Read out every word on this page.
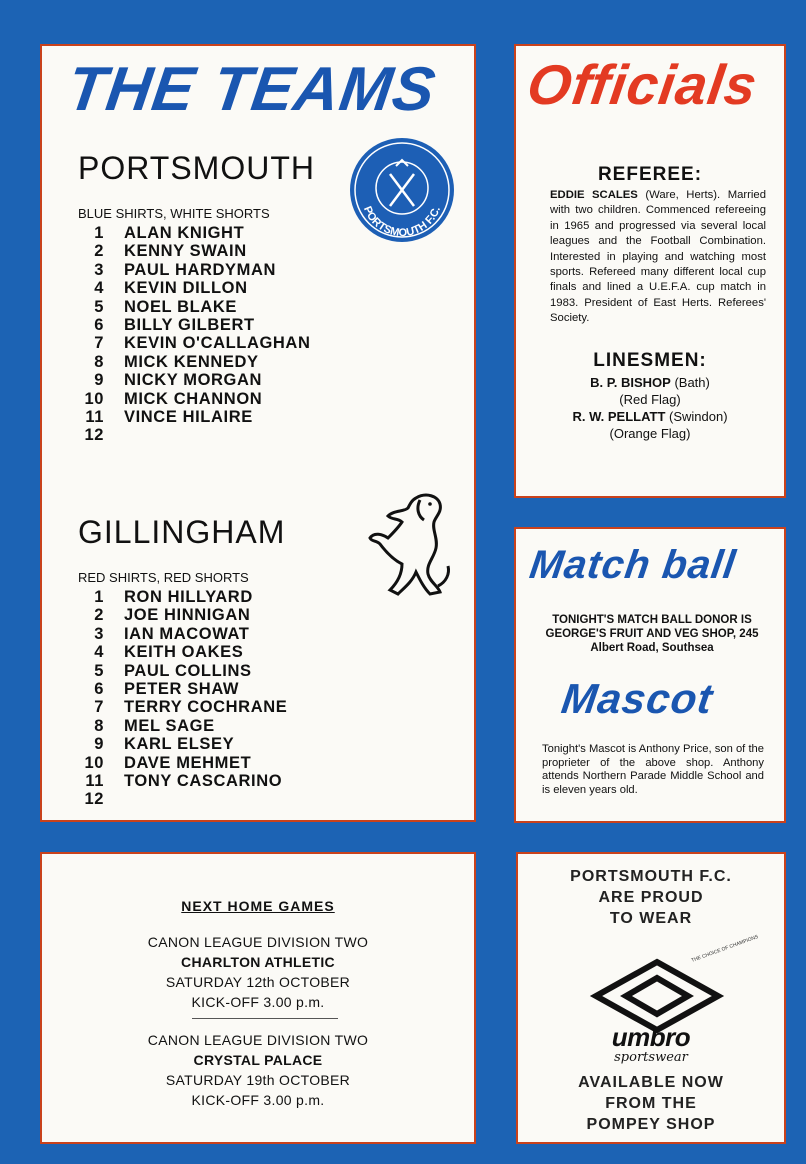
THE TEAMS
PORTSMOUTH
BLUE SHIRTS, WHITE SHORTS
1 ALAN KNIGHT
2 KENNY SWAIN
3 PAUL HARDYMAN
4 KEVIN DILLON
5 NOEL BLAKE
6 BILLY GILBERT
7 KEVIN O'CALLAGHAN
8 MICK KENNEDY
9 NICKY MORGAN
10 MICK CHANNON
11 VINCE HILAIRE
12
PORTSMOUTH F.C.
GILLINGHAM
RED SHIRTS, RED SHORTS
1 RON HILLYARD
2 JOE HINNIGAN
3 IAN MACOWAT
4 KEITH OAKES
5 PAUL COLLINS
6 PETER SHAW
7 TERRY COCHRANE
8 MEL SAGE
9 KARL ELSEY
10 DAVE MEHMET
11 TONY CASCARINO
12
Officials
REFEREE:
EDDIE SCALES (Ware, Herts). Married with two children. Commenced refereeing in 1965 and progressed via several local leagues and the Football Combination. Interested in playing and watching most sports. Refereed many different local cup finals and lined a U.E.F.A. cup match in 1983. President of East Herts. Referees' Society.
LINESMEN:
B. P. BISHOP (Bath)
(Red Flag)
R. W. PELLATT (Swindon)
(Orange Flag)
Match ball
TONIGHT'S MATCH BALL DONOR IS GEORGE'S FRUIT AND VEG SHOP, 245 Albert Road, Southsea
Mascot
Tonight's Mascot is Anthony Price, son of the proprieter of the above shop. Anthony attends Northern Parade Middle School and is eleven years old.
NEXT HOME GAMES
CANON LEAGUE DIVISION TWO
CHARLTON ATHLETIC
SATURDAY 12th OCTOBER
KICK-OFF 3.00 p.m.
CANON LEAGUE DIVISION TWO
CRYSTAL PALACE
SATURDAY 19th OCTOBER
KICK-OFF 3.00 p.m.
PORTSMOUTH F.C.
ARE PROUD
TO WEAR
THE CHOICE OF CHAMPIONS
umbro
sportswear
AVAILABLE NOW
FROM THE
POMPEY SHOP
